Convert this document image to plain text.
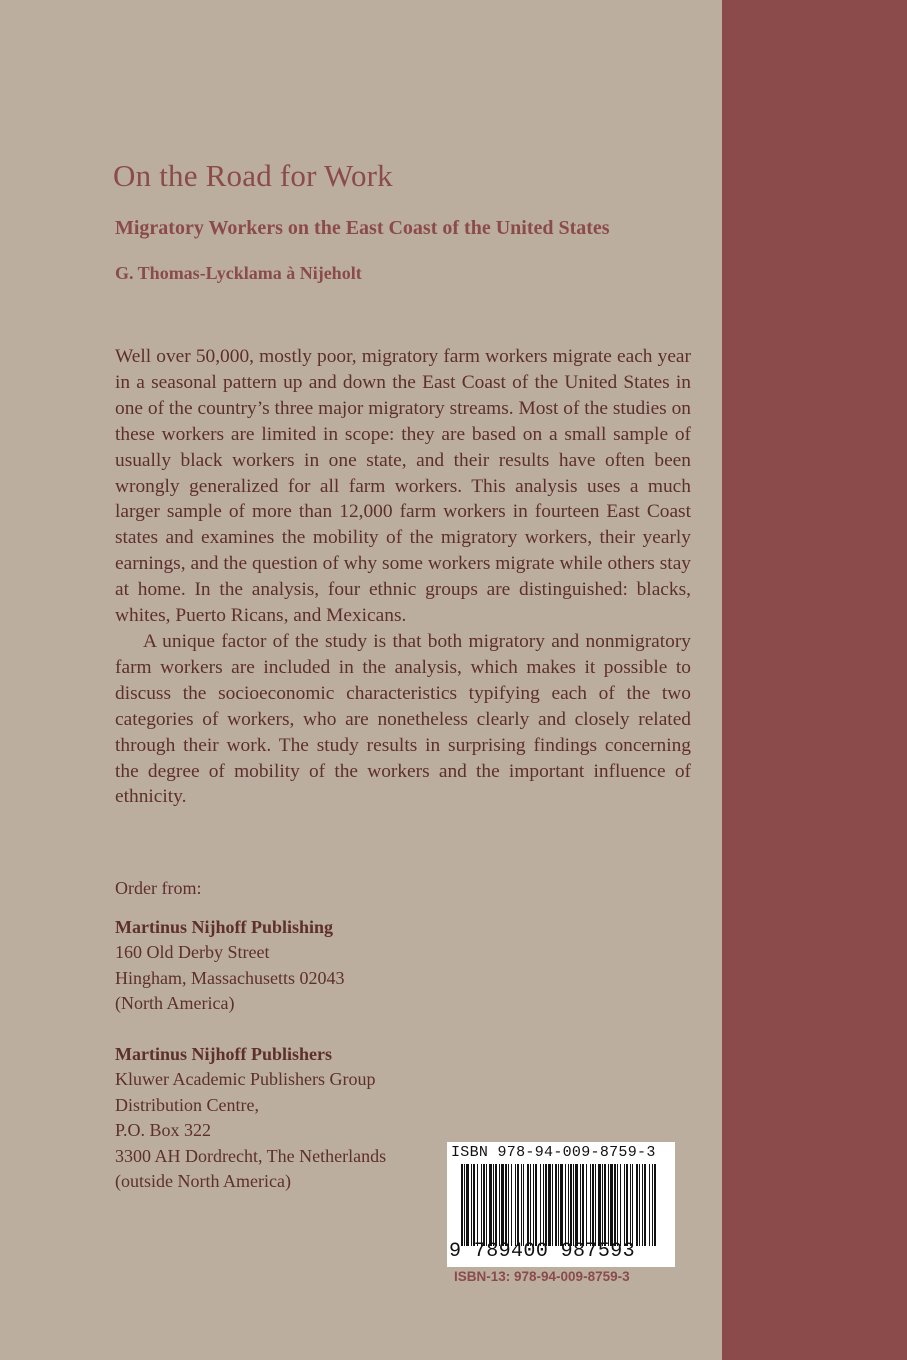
On the Road for Work
Migratory Workers on the East Coast of the United States
G. Thomas-Lycklama à Nijeholt

Well over 50,000, mostly poor, migratory farm workers migrate each year in a seasonal pattern up and down the East Coast of the United States in one of the country’s three major migratory streams. Most of the studies on these workers are limited in scope: they are based on a small sample of usually black workers in one state, and their results have often been wrongly generalized for all farm workers. This analysis uses a much larger sample of more than 12,000 farm workers in fourteen East Coast states and examines the mobility of the migratory workers, their yearly earnings, and the question of why some workers migrate while others stay at home. In the analysis, four ethnic groups are distinguished: blacks, whites, Puerto Ricans, and Mexicans.

A unique factor of the study is that both migratory and nonmigratory farm workers are included in the analysis, which makes it possible to discuss the socioeconomic characteristics typifying each of the two categories of workers, who are nonetheless clearly and closely related through their work. The study results in surprising findings concerning the degree of mobility of the workers and the important influence of ethnicity.

Order from:

Martinus Nijhoff Publishing
160 Old Derby Street
Hingham, Massachusetts 02043
(North America)
Martinus Nijhoff Publishers
Kluwer Academic Publishers Group
Distribution Centre,
P.O. Box 322
3300 AH Dordrecht, The Netherlands
(outside North America)
ISBN 978-94-009-8759-3
9 789400 987593
ISBN-13: 978-94-009-8759-3
